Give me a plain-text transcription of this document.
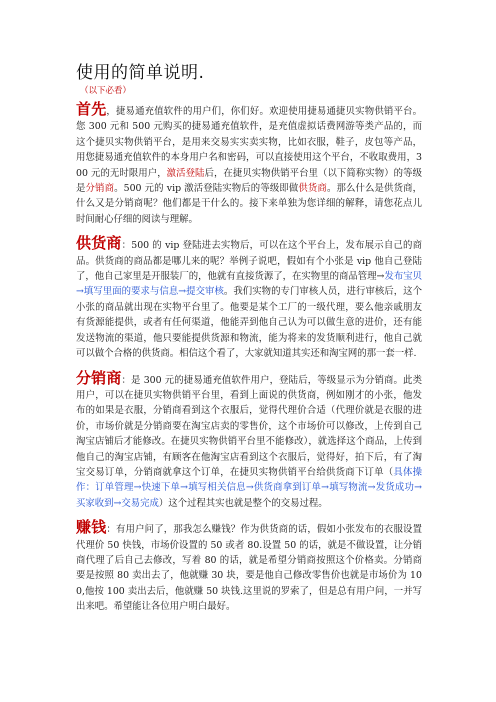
使用的简单说明.
（以下必看）

首先，捷易通充值软件的用户们，你们好。欢迎使用捷易通捷贝实物供销平台。您 300 元和 500 元购买的捷易通充值软件，是充值虚拟话费网游等类产品的，而这个捷贝实物供销平台，是用来交易实实卖实物，比如衣服，鞋子，皮包等产品，用您捷易通充值软件的本身用户名和密码，可以直接使用这个平台，不收取费用，300 元的无时限用户，激活登陆后，在捷贝实物供销平台里（以下简称实物）的等级是分销商。500 元的 vip 激活登陆实物后的等级即做供货商。那么什么是供货商，什么又是分销商呢？他们都是干什么的。接下来单独为您详细的解释，请您花点儿时间耐心仔细的阅读与理解。

供货商：500 的 vip 登陆进去实物后，可以在这个平台上，发布展示自己的商品。供货商的商品都是哪儿来的呢？举例子说吧，假如有个小张是 vip 他自己登陆了，他自己家里是开服装厂的，他就有直接货源了，在实物里的商品管理→发布宝贝→填写里面的要求与信息→提交审核。我们实物的专门审核人员，进行审核后，这个小张的商品就出现在实物平台里了。他要是某个工厂的一级代理，要么他亲戚朋友有货源能提供，或者有任何渠道，他能弄到他自己认为可以做生意的进价，还有能发送物流的渠道，他只要能提供货源和物流，能为将来的发货顺利进行，他自己就可以做个合格的供货商。相信这个看了，大家就知道其实还和淘宝网的那一套一样.

分销商：是 300 元的捷易通充值软件用户，登陆后，等级显示为分销商。此类用户，可以在捷贝实物供销平台里，看到上面说的供货商，例如刚才的小张，他发布的如果是衣服，分销商看到这个衣服后，觉得代理价合适（代理价就是衣服的进价，市场价就是分销商要在淘宝店卖的零售价，这个市场价可以修改，上传到自己淘宝店铺后才能修改。在捷贝实物供销平台里不能修改），就选择这个商品，上传到他自己的淘宝店铺，有顾客在他淘宝店看到这个衣服后，觉得好，拍下后，有了淘宝交易订单，分销商就拿这个订单，在捷贝实物供销平台给供货商下订单（具体操作：订单管理→快速下单→填写相关信息→供货商拿到订单→填写物流→发货成功→买家收到→交易完成）这个过程其实也就是整个的交易过程。

赚钱：有用户问了，那我怎么赚钱？作为供货商的话，假如小张发布的衣服设置代理价 50 快钱，市场价设置的 50 或者 80.设置 50 的话，就是不做设置，让分销商代理了后自己去修改，写着 80 的话，就是希望分销商按照这个价格卖。分销商要是按照 80 卖出去了，他就赚 30 块，要是他自己修改零售价也就是市场价为 100,他按 100 卖出去后，他就赚 50 块钱.这里说的罗索了，但是总有用户问，一并写出来吧。希望能让各位用户明白最好。
